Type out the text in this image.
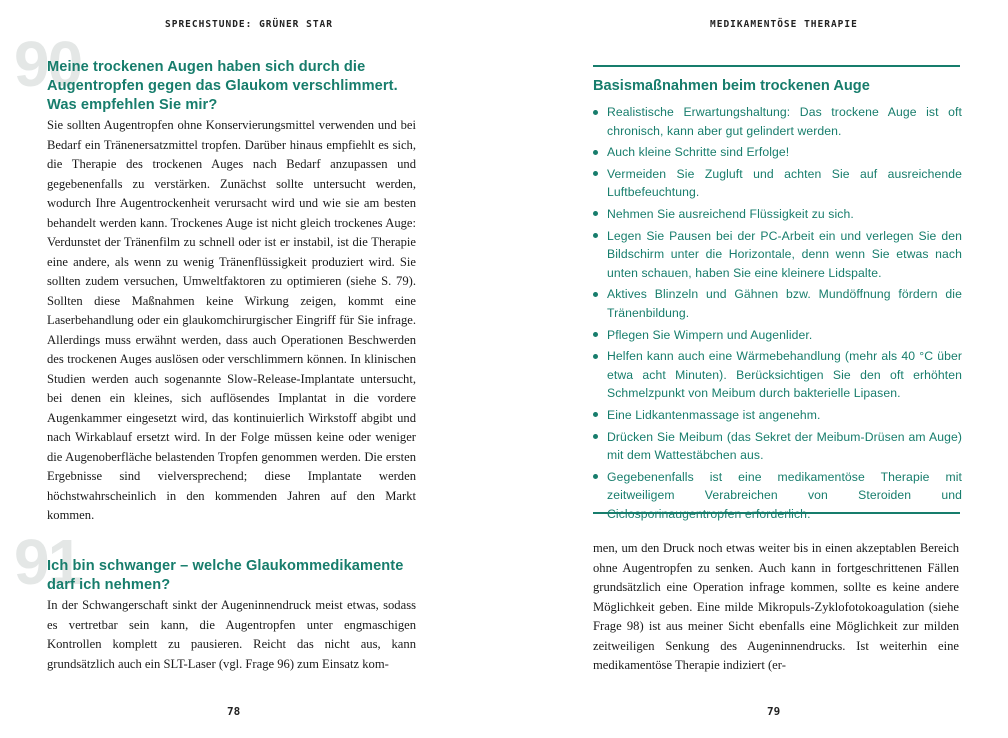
SPRECHSTUNDE: GRÜNER STAR
90
Meine trockenen Augen haben sich durch die Augentropfen gegen das Glaukom verschlimmert. Was empfehlen Sie mir?

Sie sollten Augentropfen ohne Konservierungsmittel verwenden und bei Bedarf ein Tränenersatzmittel tropfen. Darüber hinaus empfiehlt es sich, die Therapie des trockenen Auges nach Bedarf anzupassen und gegebenenfalls zu verstärken. Zunächst sollte untersucht werden, wodurch Ihre Augentrockenheit verursacht wird und wie sie am besten behandelt werden kann. Trockenes Auge ist nicht gleich trockenes Auge: Verdunstet der Tränenfilm zu schnell oder ist er instabil, ist die Therapie eine andere, als wenn zu wenig Tränenflüssigkeit produziert wird. Sie sollten zudem versuchen, Umweltfaktoren zu optimieren (siehe S. 79). Sollten diese Maßnahmen keine Wirkung zeigen, kommt eine Laserbehandlung oder ein glaukomchirurgischer Eingriff für Sie infrage. Allerdings muss erwähnt werden, dass auch Operationen Beschwerden des trockenen Auges auslösen oder verschlimmern können. In klinischen Studien werden auch sogenannte Slow-Release-Implantate untersucht, bei denen ein kleines, sich auflösendes Implantat in die vordere Augenkammer eingesetzt wird, das kontinuierlich Wirkstoff abgibt und nach Wirkablauf ersetzt wird. In der Folge müssen keine oder weniger die Augenoberfläche belastenden Tropfen genommen werden. Die ersten Ergebnisse sind vielversprechend; diese Implantate werden höchstwahrscheinlich in den kommenden Jahren auf den Markt kommen.

91
Ich bin schwanger – welche Glaukommedikamente darf ich nehmen?

In der Schwangerschaft sinkt der Augeninnendruck meist etwas, sodass es vertretbar sein kann, die Augentropfen unter engmaschigen Kontrollen komplett zu pausieren. Reicht das nicht aus, kann grundsätzlich auch ein SLT-Laser (vgl. Frage 96) zum Einsatz kom-

78
MEDIKAMENTÖSE THERAPIE
Basismaßnahmen beim trockenen Auge
Realistische Erwartungshaltung: Das trockene Auge ist oft chronisch, kann aber gut gelindert werden.
Auch kleine Schritte sind Erfolge!
Vermeiden Sie Zugluft und achten Sie auf ausreichende Luftbefeuchtung.
Nehmen Sie ausreichend Flüssigkeit zu sich.
Legen Sie Pausen bei der PC-Arbeit ein und verlegen Sie den Bildschirm unter die Horizontale, denn wenn Sie etwas nach unten schauen, haben Sie eine kleinere Lidspalte.
Aktives Blinzeln und Gähnen bzw. Mundöffnung fördern die Tränenbildung.
Pflegen Sie Wimpern und Augenlider.
Helfen kann auch eine Wärmebehandlung (mehr als 40 °C über etwa acht Minuten). Berücksichtigen Sie den oft erhöhten Schmelzpunkt von Meibum durch bakterielle Lipasen.
Eine Lidkantenmassage ist angenehm.
Drücken Sie Meibum (das Sekret der Meibum-Drüsen am Auge) mit dem Wattestäbchen aus.
Gegebenenfalls ist eine medikamentöse Therapie mit zeitweiligem Verabreichen von Steroiden und

men, um den Druck noch etwas weiter bis in einen akzeptablen Bereich ohne Augentropfen zu senken. Auch kann in fortgeschrittenen Fällen grundsätzlich eine Operation infrage kommen, sollte es keine andere Möglichkeit geben. Eine milde Mikropuls-Zyklofotokoagulation (siehe Frage 98) ist aus meiner Sicht ebenfalls eine Möglichkeit zur milden zeitweiligen Senkung des Augeninnendrucks. Ist weiterhin eine medikamentöse Therapie indiziert (er-

79
